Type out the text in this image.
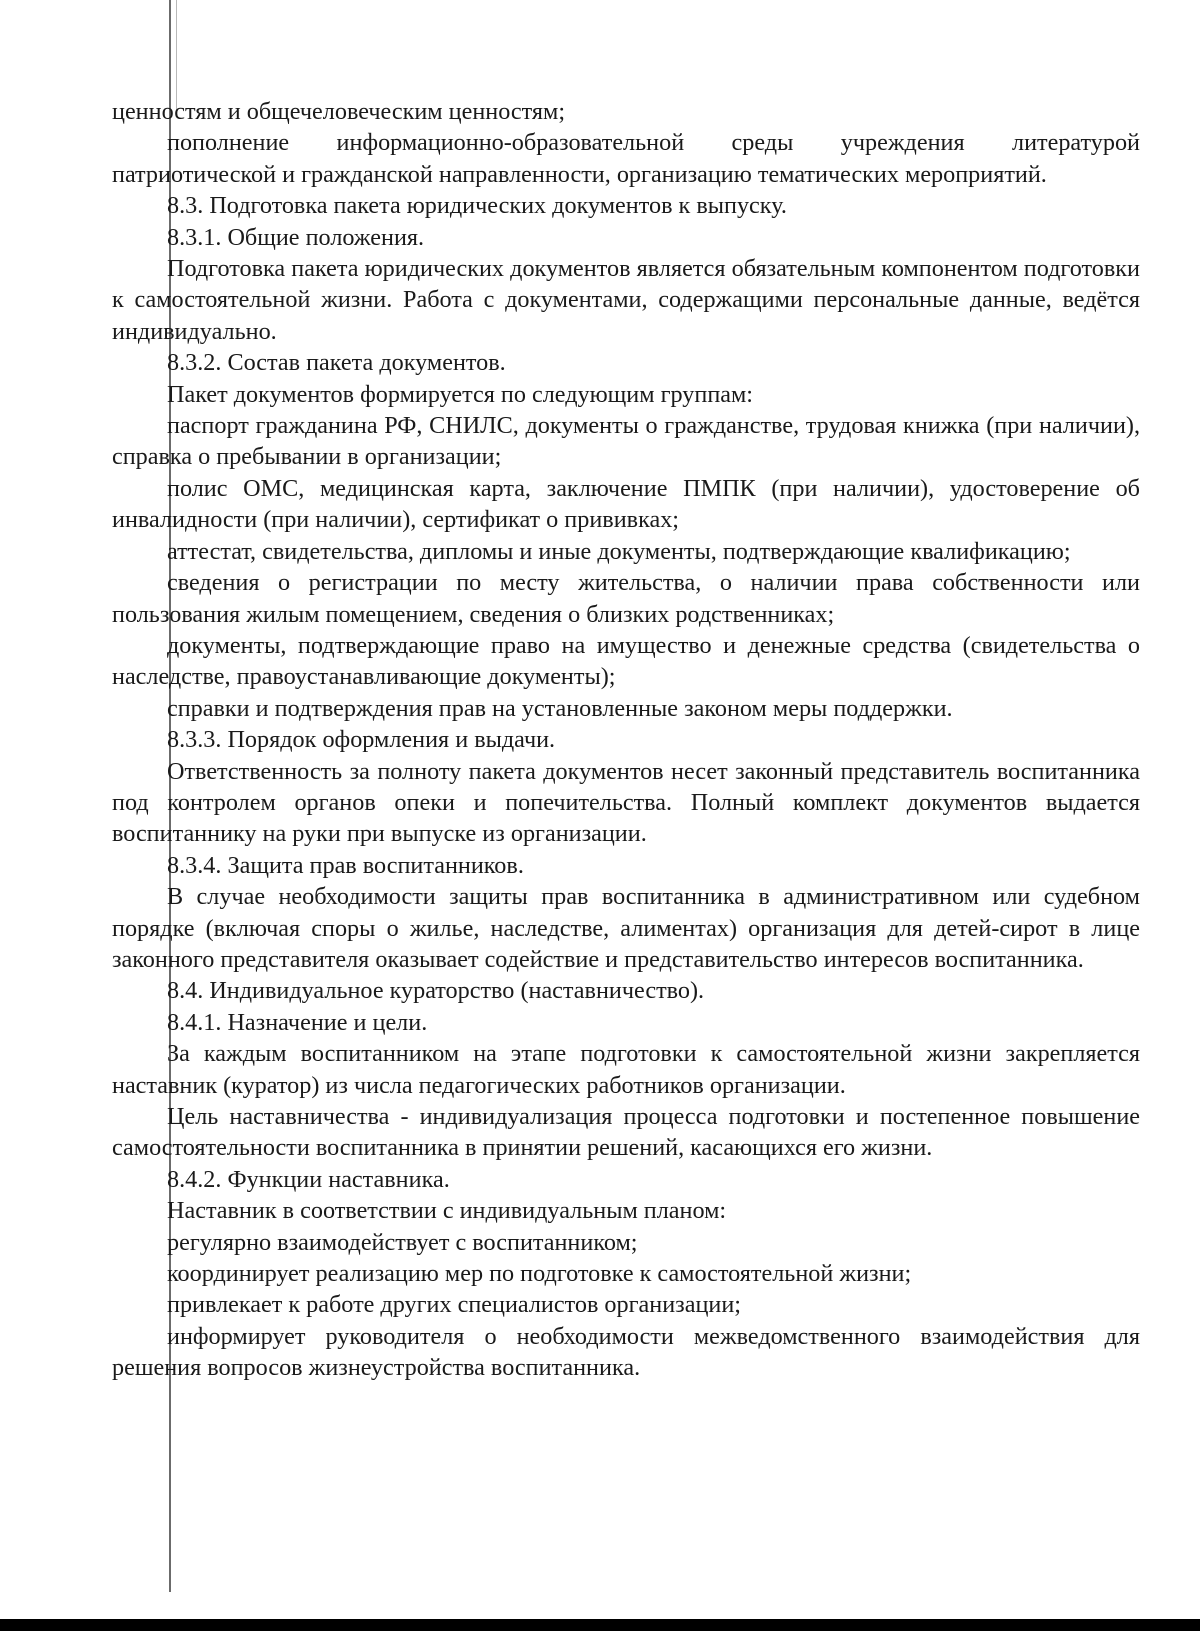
ценностям и общечеловеческим ценностям;

пополнение информационно-образовательной среды учреждения литературой патриотической и гражданской направленности, организацию тематических мероприятий.

8.3. Подготовка пакета юридических документов к выпуску.

8.3.1. Общие положения.

Подготовка пакета юридических документов является обязательным компонентом подготовки к самостоятельной жизни. Работа с документами, содержащими персональные данные, ведётся индивидуально.

8.3.2. Состав пакета документов.

Пакет документов формируется по следующим группам:

паспорт гражданина РФ, СНИЛС, документы о гражданстве, трудовая книжка (при наличии), справка о пребывании в организации;

полис ОМС, медицинская карта, заключение ПМПК (при наличии), удостоверение об инвалидности (при наличии), сертификат о прививках;

аттестат, свидетельства, дипломы и иные документы, подтверждающие квалификацию;

сведения о регистрации по месту жительства, о наличии права собственности или пользования жилым помещением, сведения о близких родственниках;

документы, подтверждающие право на имущество и денежные средства (свидетельства о наследстве, правоустанавливающие документы);

справки и подтверждения прав на установленные законом меры поддержки.

8.3.3. Порядок оформления и выдачи.

Ответственность за полноту пакета документов несет законный представитель воспитанника под контролем органов опеки и попечительства. Полный комплект документов выдается воспитаннику на руки при выпуске из организации.

8.3.4. Защита прав воспитанников.

В случае необходимости защиты прав воспитанника в административном или судебном порядке (включая споры о жилье, наследстве, алиментах) организация для детей-сирот в лице законного представителя оказывает содействие и представительство интересов воспитанника.

8.4. Индивидуальное кураторство (наставничество).

8.4.1. Назначение и цели.

За каждым воспитанником на этапе подготовки к самостоятельной жизни закрепляется наставник (куратор) из числа педагогических работников организации.

Цель наставничества - индивидуализация процесса подготовки и постепенное повышение самостоятельности воспитанника в принятии решений, касающихся его жизни.

8.4.2. Функции наставника.

Наставник в соответствии с индивидуальным планом:

регулярно взаимодействует с воспитанником;

координирует реализацию мер по подготовке к самостоятельной жизни;

привлекает к работе других специалистов организации;

информирует руководителя о необходимости межведомственного взаимодействия для решения вопросов жизнеустройства воспитанника.
